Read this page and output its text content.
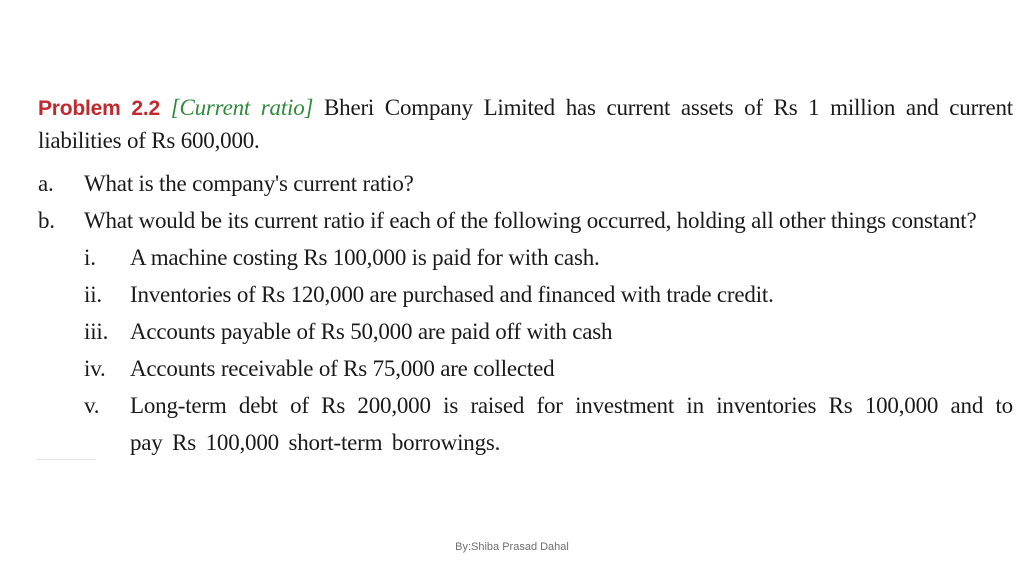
Problem 2.2 [Current ratio] Bheri Company Limited has current assets of Rs 1 million and current liabilities of Rs 600,000.
a.	What is the company's current ratio?
b.	What would be its current ratio if each of the following occurred, holding all other things constant?
i.	A machine costing Rs 100,000 is paid for with cash.
ii.	Inventories of Rs 120,000 are purchased and financed with trade credit.
iii. Accounts payable of Rs 50,000 are paid off with cash
iv.	Accounts receivable of Rs 75,000 are collected
v.	Long-term debt of Rs 200,000 is raised for investment in inventories Rs 100,000 and to pay Rs 100,000 short-term borrowings.
By:Shiba Prasad Dahal
